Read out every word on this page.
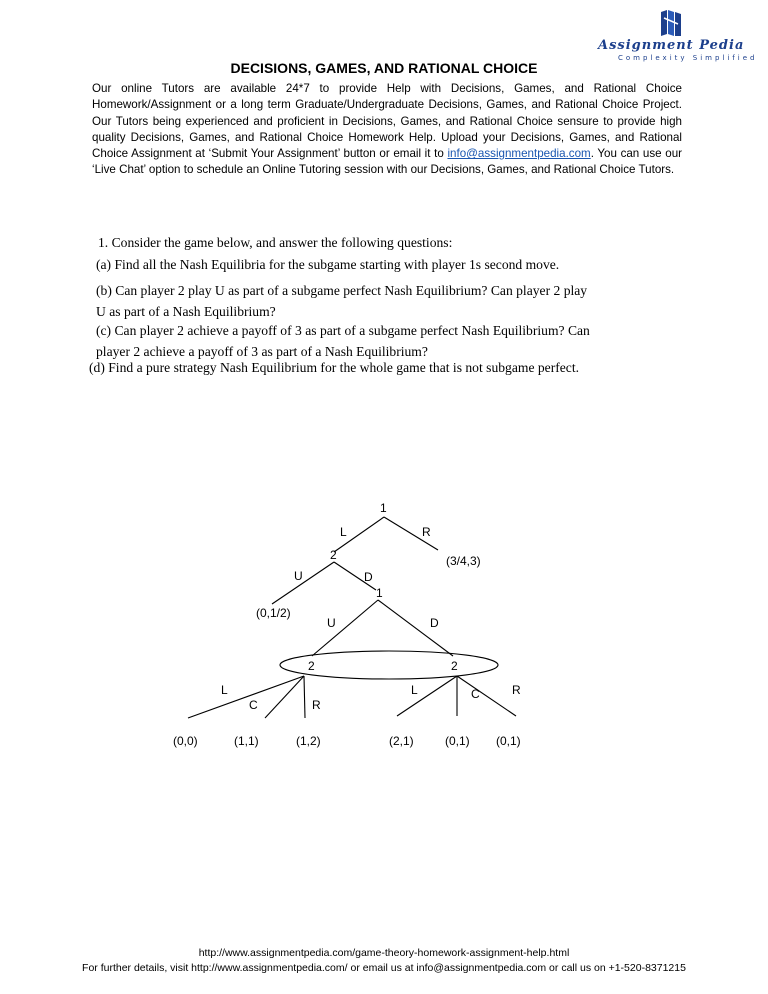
Assignment Pedia
Complexity Simplified
DECISIONS, GAMES, AND RATIONAL CHOICE
Our online Tutors are available 24*7 to provide Help with Decisions, Games, and Rational Choice Homework/Assignment or a long term Graduate/Undergraduate Decisions, Games, and Rational Choice Project. Our Tutors being experienced and proficient in Decisions, Games, and Rational Choice sensure to provide high quality Decisions, Games, and Rational Choice Homework Help. Upload your Decisions, Games, and Rational Choice Assignment at ‘Submit Your Assignment’ button or email it to info@assignmentpedia.com. You can use our ‘Live Chat’ option to schedule an Online Tutoring session with our Decisions, Games, and Rational Choice Tutors.
1. Consider the game below, and answer the following questions:
(a) Find all the Nash Equilibria for the subgame starting with player 1s second move.
(b) Can player 2 play U as part of a subgame perfect Nash Equilibrium? Can player 2 play
U as part of a Nash Equilibrium?
(c) Can player 2 achieve a payoff of 3 as part of a subgame perfect Nash Equilibrium? Can
player 2 achieve a payoff of 3 as part of a Nash Equilibrium?
(d) Find a pure strategy Nash Equilibrium for the whole game that is not subgame perfect.
1
L	R
2	(3/4,3)
U	D
1
(0,1/2)
U	D
2	2
L
C	R
L	C	R
(0,0)	(1,1)	(1,2)	(2,1)	(0,1) (0,1)
http://www.assignmentpedia.com/game-theory-homework-assignment-help.html
For further details, visit http://www.assignmentpedia.com/ or email us at info@assignmentpedia.com or call us on +1-520-8371215
